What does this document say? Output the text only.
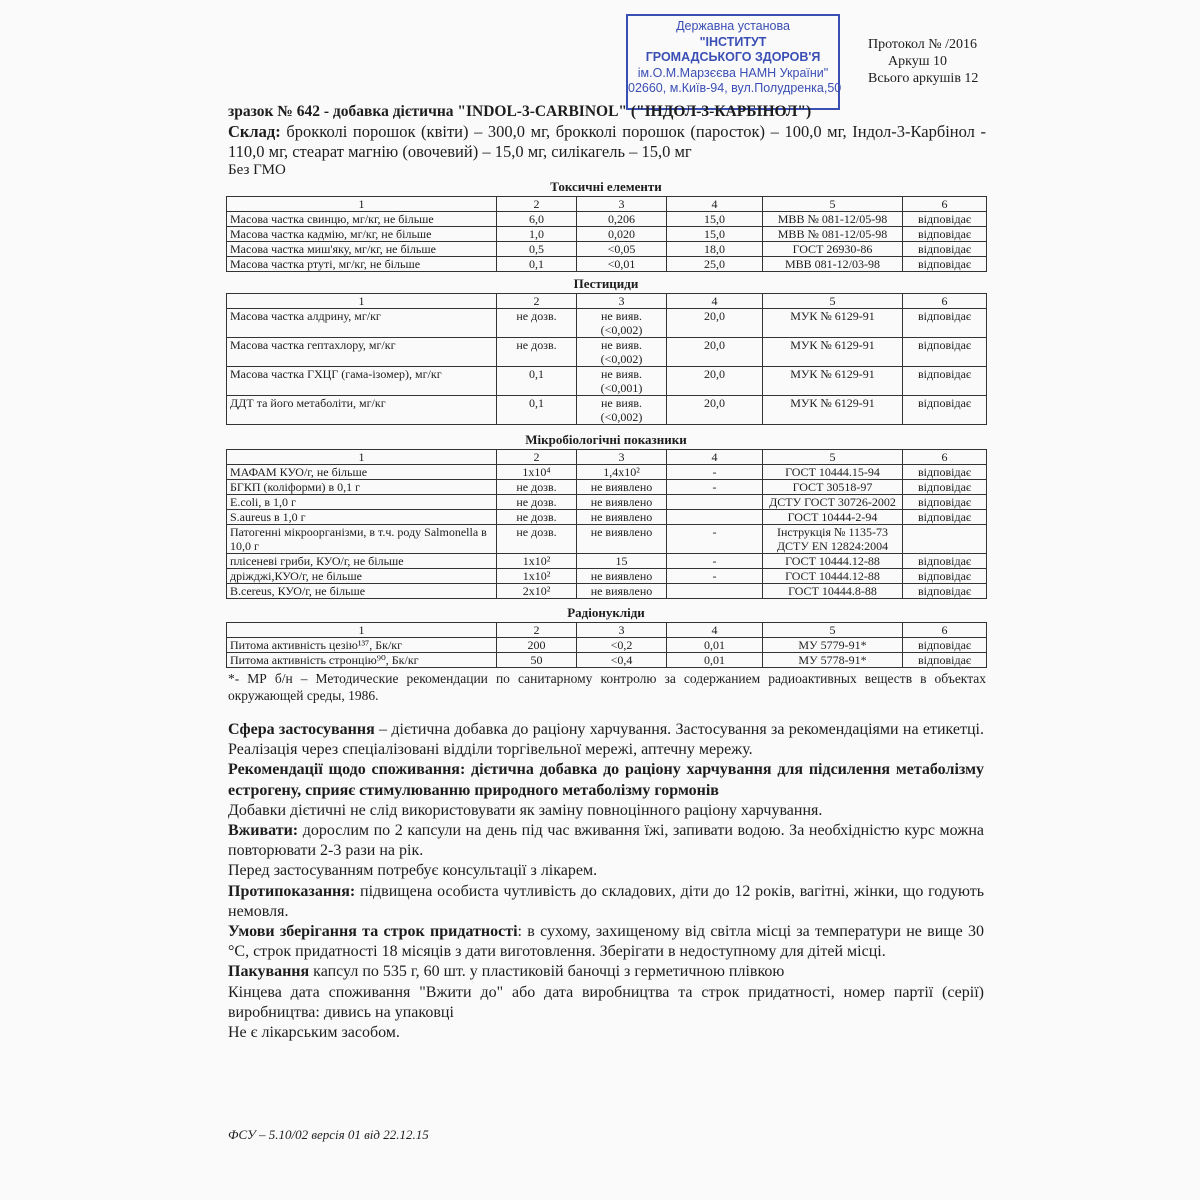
Державна установа
"ІНСТИТУТ
ГРОМАДСЬКОГО ЗДОРОВ'Я
ім.О.М.Марзєєва НАМН України"
02660, м.Київ-94, вул.Полудренка,50
Протокол № /2016
Аркуш 10
Всього аркушів 12
зразок № 642 - добавка дієтична "INDOL-3-CARBINOL" ("ІНДОЛ-3-КАРБІНОЛ")
Склад: брокколі порошок (квіти) – 300,0 мг, брокколі порошок (паросток) – 100,0 мг, Індол-3-Карбінол - 110,0 мг, стеарат магнію (овочевий) – 15,0 мг, силікагель – 15,0 мг
Без ГМО
Токсичні елементи
1	2	3	4	5	6
Масова частка свинцю, мг/кг, не більше	6,0	0,206	15,0	МВВ № 081-12/05-98	відповідає
Масова частка кадмію, мг/кг, не більше	1,0	0,020	15,0	МВВ № 081-12/05-98	відповідає
Масова частка миш'яку, мг/кг, не більше	0,5	<0,05	18,0	ГОСТ 26930-86	відповідає
Масова частка ртуті, мг/кг, не більше	0,1	<0,01	25,0	МВВ 081-12/03-98	відповідає
Пестициди
1	2	3	4	5	6
Масова частка алдрину, мг/кг	не дозв.	не вияв. (<0,002)	20,0	МУК № 6129-91	відповідає
Масова частка гептахлору, мг/кг	не дозв.	не вияв. (<0,002)	20,0	МУК № 6129-91	відповідає
Масова частка ГХЦГ (гама-ізомер), мг/кг	0,1	не вияв. (<0,001)	20,0	МУК № 6129-91	відповідає
ДДТ та його метаболіти, мг/кг	0,1	не вияв. (<0,002)	20,0	МУК № 6129-91	відповідає
Мікробіологічні показники
1	2	3	4	5	6
МАФАМ КУО/г, не більше	1x10⁴	1,4x10²	-	ГОСТ 10444.15-94	відповідає
БГКП (коліформи) в 0,1 г	не дозв.	не виявлено	-	ГОСТ 30518-97	відповідає
E.coli, в 1,0 г	не дозв.	не виявлено		ДСТУ ГОСТ 30726-2002	відповідає
S.aureus в 1,0 г	не дозв.	не виявлено		ГОСТ 10444-2-94	відповідає
Патогенні мікроорганізми, в т.ч. роду Salmonella в 10,0 г	не дозв.	не виявлено	-	Інструкція № 1135-73 ДСТУ EN 12824:2004	
плісеневі гриби, КУО/г, не більше	1x10²	15	-	ГОСТ 10444.12-88	відповідає
дріжджі,КУО/г, не більше	1x10²	не виявлено	-	ГОСТ 10444.12-88	відповідає
B.cereus, КУО/г, не більше	2x10²	не виявлено		ГОСТ 10444.8-88	відповідає
Радіонукліди
1	2	3	4	5	6
Питома активність цезію¹³⁷, Бк/кг	200	<0,2	0,01	МУ 5779-91*	відповідає
Питома активність стронцію⁹⁰, Бк/кг	50	<0,4	0,01	МУ 5778-91*	відповідає
*- МР б/н – Методические рекомендации по санитарному контролю за содержанием радиоактивных веществ в объектах окружающей среды, 1986.

Сфера застосування – дієтична добавка до раціону харчування. Застосування за рекомендаціями на етикетці. Реалізація через спеціалізовані відділи торгівельної мережі, аптечну мережу.

Рекомендації щодо споживання: дієтична добавка до раціону харчування для підсилення метаболізму естрогену, сприяє стимулюванню природного метаболізму гормонів

Добавки дієтичні не слід використовувати як заміну повноцінного раціону харчування.

Вживати: дорослим по 2 капсули на день під час вживання їжі, запивати водою. За необхідністю курс можна повторювати 2-3 рази на рік.

Перед застосуванням потребує консультації з лікарем.

Протипоказання: підвищена особиста чутливість до складових, діти до 12 років, вагітні, жінки, що годують немовля.

Умови зберігання та строк придатності: в сухому, захищеному від світла місці за температури не вище 30 °С, строк придатності 18 місяців з дати виготовлення. Зберігати в недоступному для дітей місці.

Пакування капсул по 535 г, 60 шт. у пластиковій баночці з герметичною плівкою

Кінцева дата споживання "Вжити до" або дата виробництва та строк придатності, номер партії (серії) виробництва: дивись на упаковці

Не є лікарським засобом.

ФСУ – 5.10/02 версія 01 від 22.12.15
